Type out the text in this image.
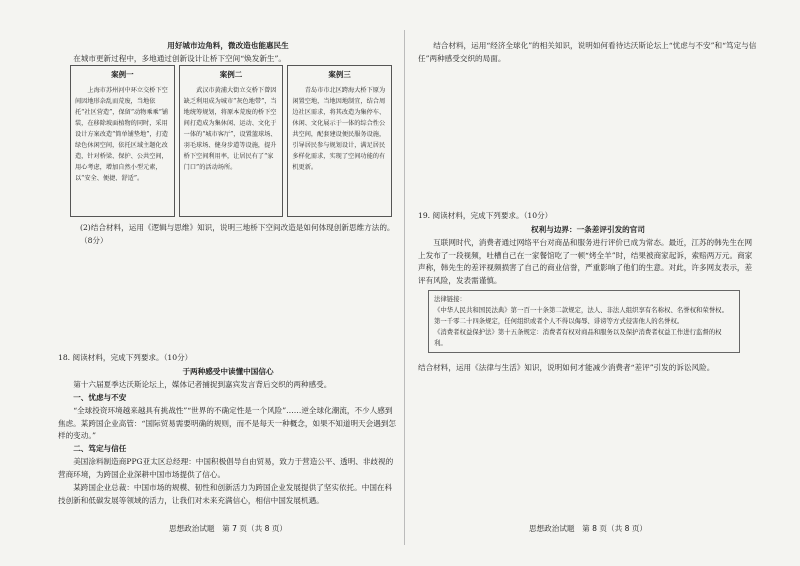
用好城市边角料，微改造也能惠民生

在城市更新过程中，多地通过创新设计让桥下空间“焕发新生”。

案例一

上海市苏州河中环立交桥下空间因地形杂乱而荒废，当地依托“社区营造”，保留“动物乘乘”铺装，在移除坡面植物的同时，采用设计方案改造“简单铺垫地”，打造绿色休闲空间，依托区域主题化改造，针对桥梁、保护、公共空间，用心考虑，增加自然小型元素，以“安全、便捷、舒适”。

案例二

武汉市黄浦大街立交桥下曾因缺乏利用成为城市“灰色地带”，当地统筹规划，将原本荒废的桥下空间打造成为集休闲、运动、文化于一体的“城市客厅”，设置篮球场、羽毛球场、健身步道等设施，提升桥下空间利用率，让居民有了“家门口”的活动场所。

案例三

青岛市市北区跨海大桥下原为闲置空地，当地因地制宜，结合周边社区需求，将其改造为集停车、休闲、文化展示于一体的综合性公共空间，配套建设便民服务设施，引导居民参与规划设计，满足居民多样化需求，实现了空间功能的有机更新。

(2)结合材料，运用《逻辑与思维》知识，说明三地桥下空间改造是如何体现创新思维方法的。（8分）

18. 阅读材料，完成下列要求。（10分）

于两种感受中读懂中国信心

第十六届夏季达沃斯论坛上，媒体记者捕捉到嘉宾发言背后交织的两种感受。

一、忧虑与不安

“全球投资环境越来越具有挑战性”“世界的不确定性是一个风险”……逆全球化潮流，不少人感到焦虑。某跨国企业高管：“国际贸易需要明确的规则，而不是每天一种概念，如果不知道明天会遇到怎样的变动。”

二、笃定与信任

美国涂料制造商PPG亚太区总经理：中国积极倡导自由贸易，致力于营造公平、透明、非歧视的营商环境，为跨国企业深耕中国市场提供了信心。

某跨国企业总裁：中国市场的规模、韧性和创新活力为跨国企业发展提供了坚实依托。中国在科技创新和低碳发展等领域的活力，让我们对未来充满信心，相信中国发展机遇。

思想政治试题　第 7 页（共 8 页）

结合材料，运用“经济全球化”的相关知识，说明如何看待达沃斯论坛上“忧虑与不安”和“笃定与信任”两种感受交织的局面。

19. 阅读材料，完成下列要求。（10分）

权利与边界：一条差评引发的官司

互联网时代，消费者通过网络平台对商品和服务进行评价已成为常态。最近，江苏的韩先生在网上发布了一段视频，吐槽自己在一家餐馆吃了一顿“烤全羊”时，结果被商家起诉，索赔两万元。商家声称，韩先生的差评视频损害了自己的商业信誉，严重影响了他们的生意。对此，许多网友表示，差评有风险，发表需谨慎。

法律链接：

《中华人民共和国民法典》第一百一十条第二款规定，法人、非法人组织享有名称权、名誉权和荣誉权。

第一千零二十四条规定，任何组织或者个人不得以侮辱、诽谤等方式侵害他人的名誉权。

《消费者权益保护法》第十五条规定：消费者有权对商品和服务以及保护消费者权益工作进行监督的权利。

结合材料，运用《法律与生活》知识，说明如何才能减少消费者“差评”引发的诉讼风险。

思想政治试题　第 8 页（共 8 页）
